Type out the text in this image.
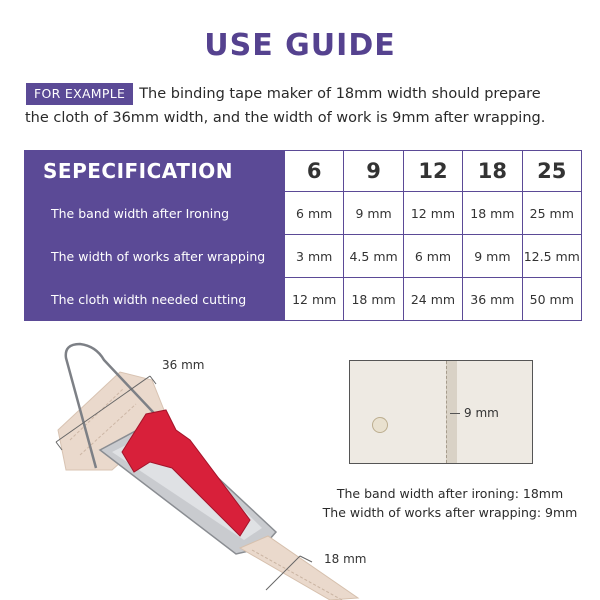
USE GUIDE
FOR EXAMPLE The binding tape maker of 18mm width should prepare
the cloth of 36mm width, and the width of work is 9mm after wrapping.
SEPECIFICATION	6	9	12	18	25
The band width after Ironing	6 mm	9 mm	12 mm	18 mm	25 mm
The width of works after wrapping	3 mm	4.5 mm	6 mm	9 mm	12.5 mm
The cloth width needed cutting	12 mm	18 mm	24 mm	36 mm	50 mm
36 mm
18 mm
9 mm
The band width after ironing: 18mm
The width of works after wrapping: 9mm
